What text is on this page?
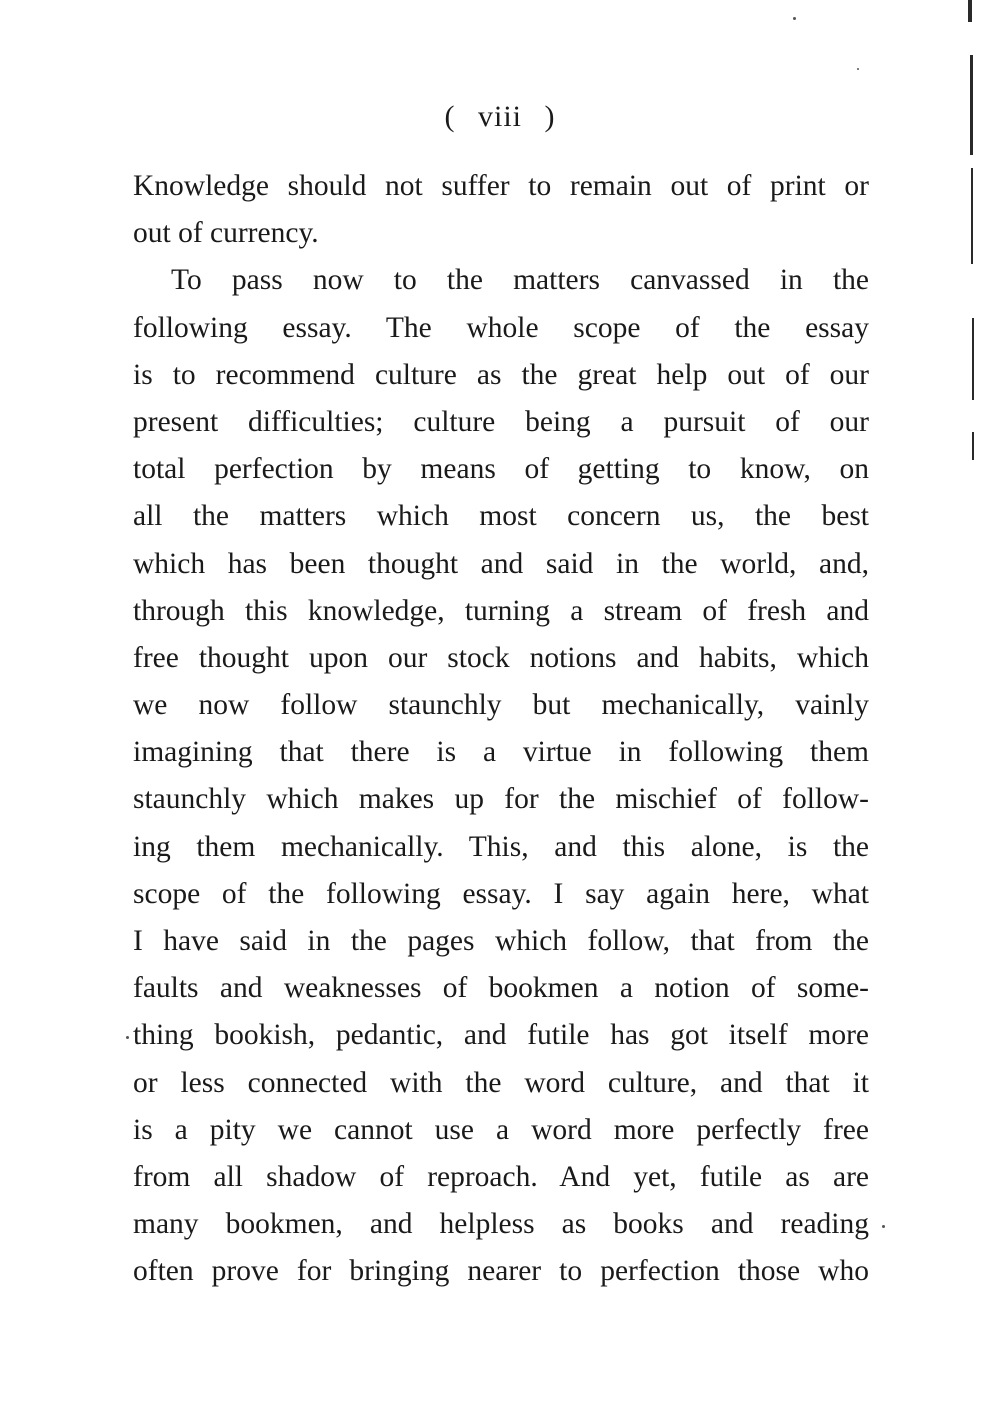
( viii )
Knowledge should not suffer to remain out of print or
out of currency.
To pass now to the matters canvassed in the
following essay. The whole scope of the essay
is to recommend culture as the great help out of our
present difficulties; culture being a pursuit of our
total perfection by means of getting to know, on
all the matters which most concern us, the best
which has been thought and said in the world, and,
through this knowledge, turning a stream of fresh and
free thought upon our stock notions and habits, which
we now follow staunchly but mechanically, vainly
imagining that there is a virtue in following them
staunchly which makes up for the mischief of follow-
ing them mechanically. This, and this alone, is the
scope of the following essay. I say again here, what
I have said in the pages which follow, that from the
faults and weaknesses of bookmen a notion of some-
thing bookish, pedantic, and futile has got itself more
or less connected with the word culture, and that it
is a pity we cannot use a word more perfectly free
from all shadow of reproach. And yet, futile as are
many bookmen, and helpless as books and reading
often prove for bringing nearer to perfection those who
